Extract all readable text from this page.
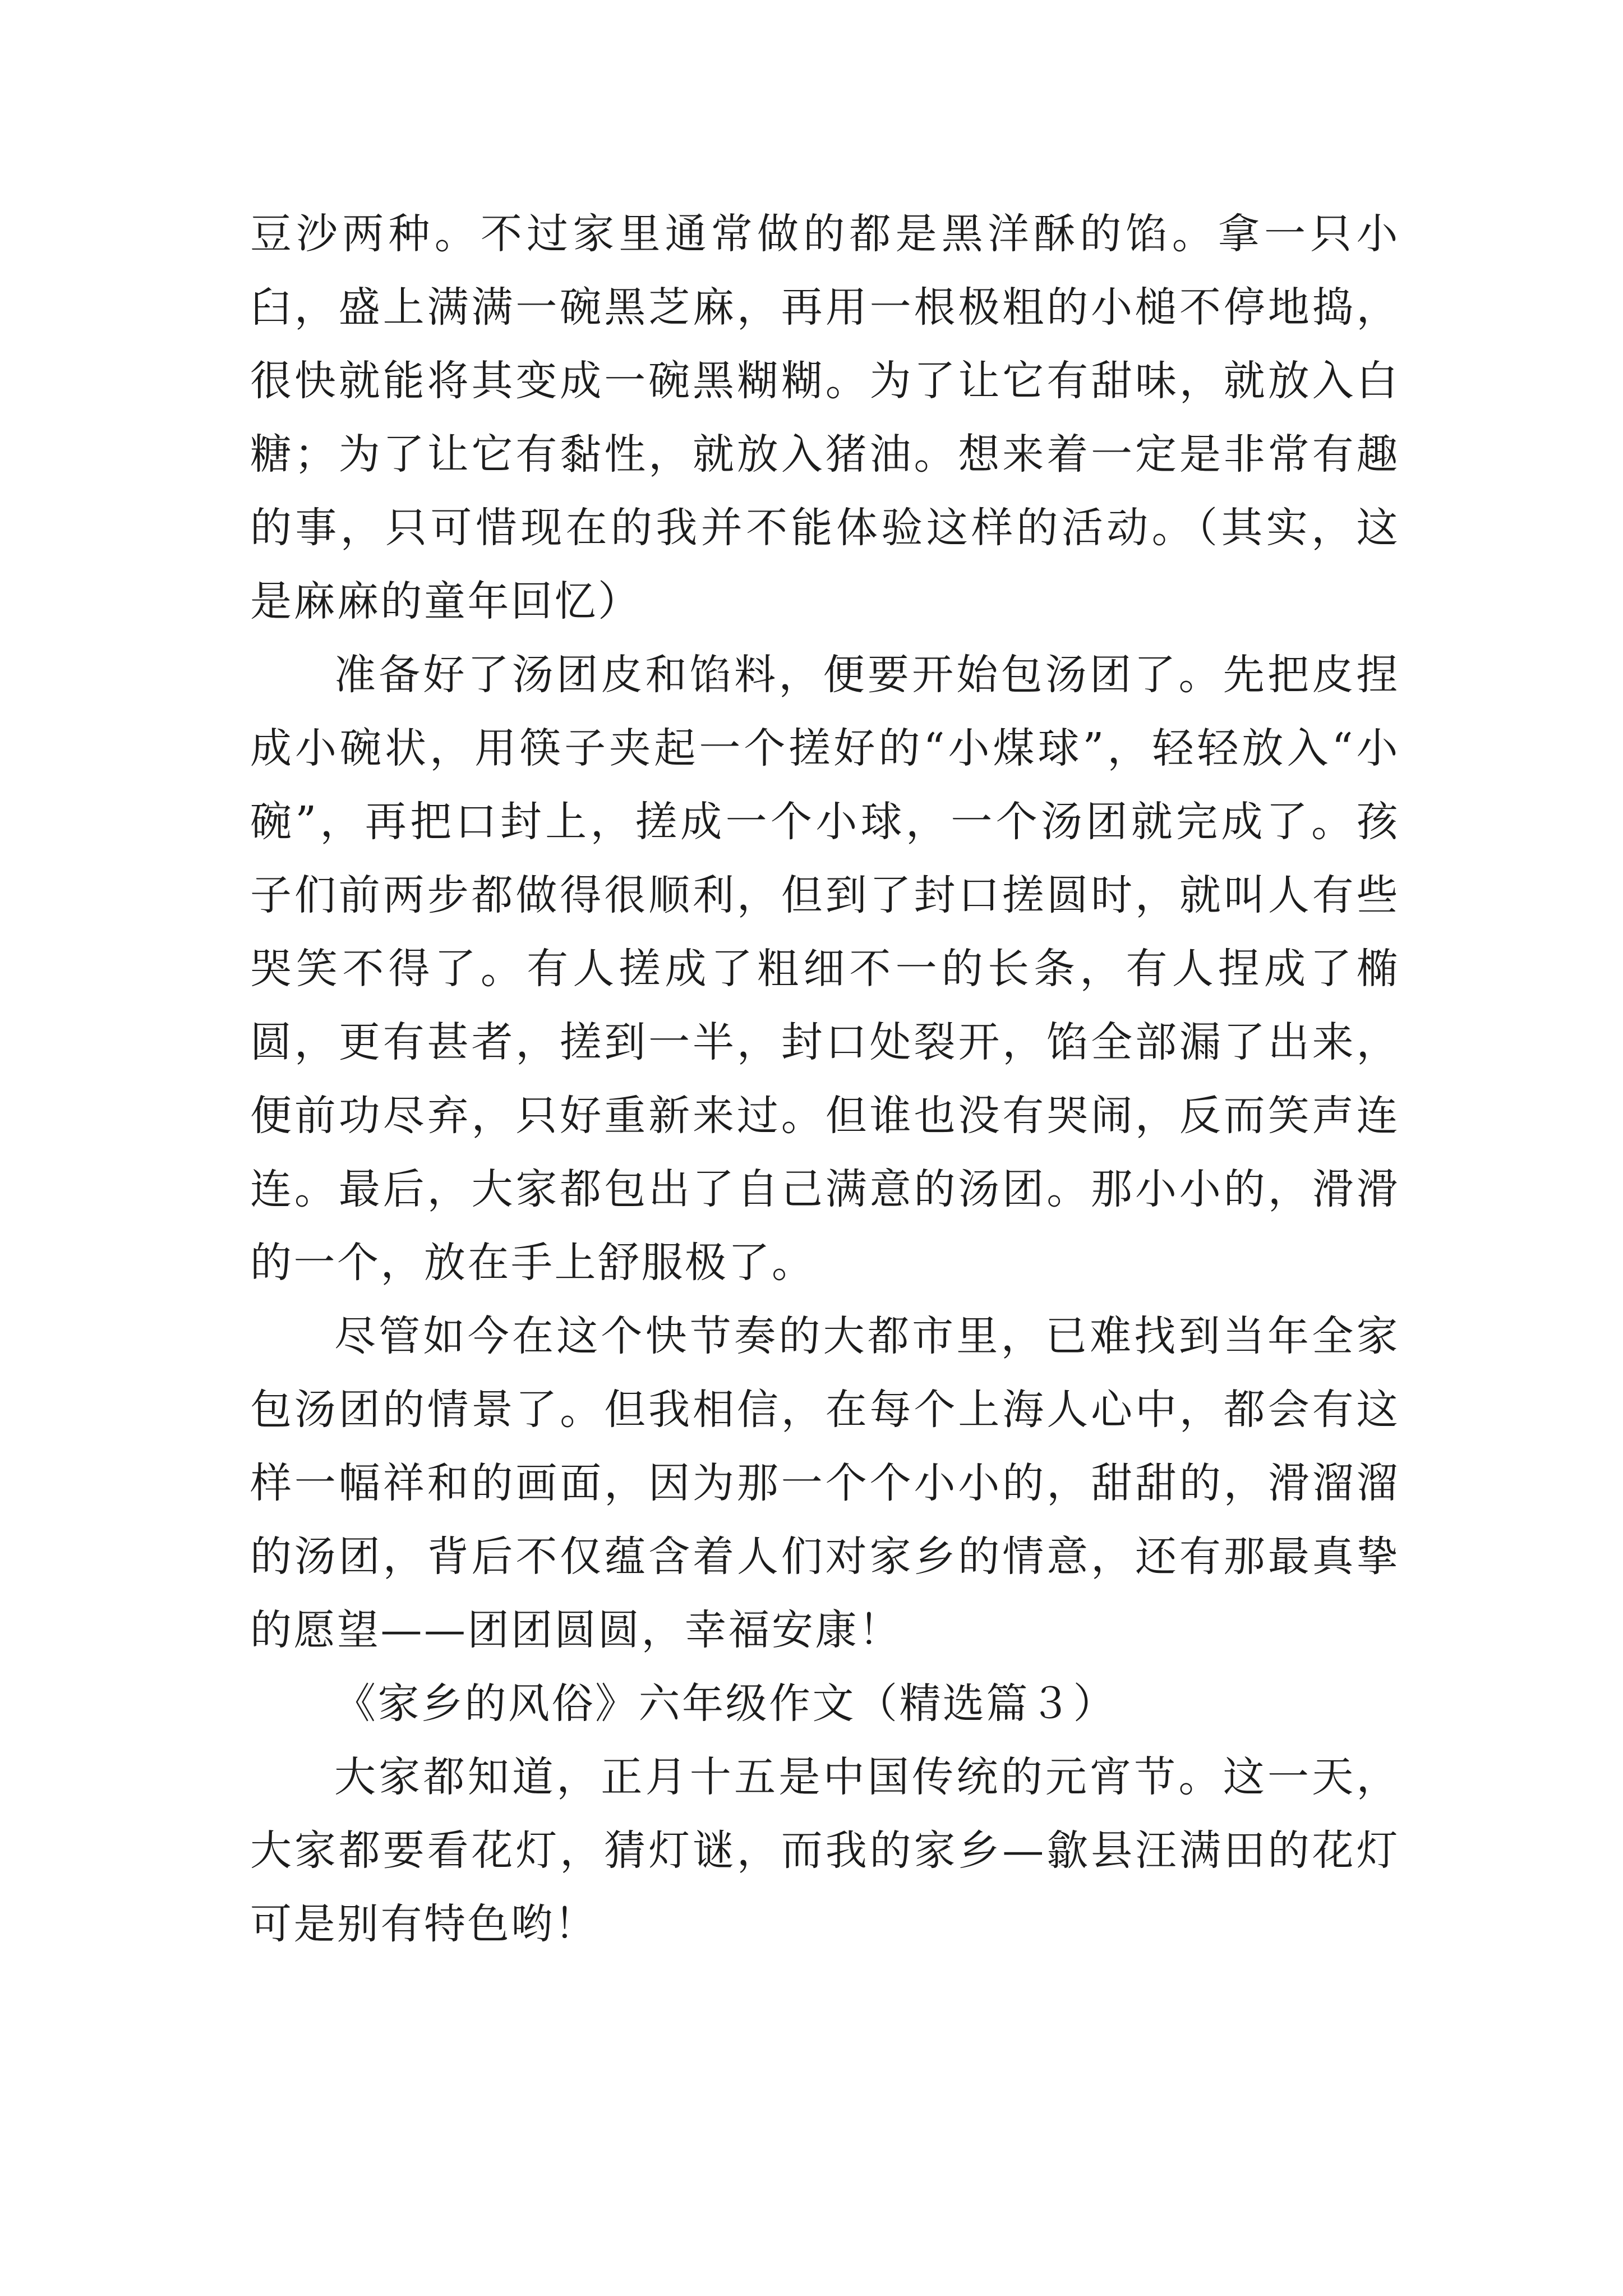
豆沙两种。不过家里通常做的都是黑洋酥的馅。拿一只小臼，盛上满满一碗黑芝麻，再用一根极粗的小槌不停地捣，很快就能将其变成一碗黑糊糊。为了让它有甜味，就放入白糖；为了让它有黏性，就放入猪油。想来着一定是非常有趣的事，只可惜现在的我并不能体验这样的活动。（其实，这是麻麻的童年回忆）

准备好了汤团皮和馅料，便要开始包汤团了。先把皮捏成小碗状，用筷子夹起一个搓好的“小煤球”，轻轻放入“小碗”，再把口封上，搓成一个小球，一个汤团就完成了。孩子们前两步都做得很顺利，但到了封口搓圆时，就叫人有些哭笑不得了。有人搓成了粗细不一的长条，有人捏成了椭圆，更有甚者，搓到一半，封口处裂开，馅全部漏了出来，便前功尽弃，只好重新来过。但谁也没有哭闹，反而笑声连连。最后，大家都包出了自己满意的汤团。那小小的，滑滑的一个，放在手上舒服极了。

尽管如今在这个快节奏的大都市里，已难找到当年全家包汤团的情景了。但我相信，在每个上海人心中，都会有这样一幅祥和的画面，因为那一个个小小的，甜甜的，滑溜溜的汤团，背后不仅蕴含着人们对家乡的情意，还有那最真挚的愿望——团团圆圆，幸福安康！

《家乡的风俗》六年级作文（精选篇３）

大家都知道，正月十五是中国传统的元宵节。这一天，大家都要看花灯，猜灯谜，而我的家乡—歙县汪满田的花灯可是别有特色哟！
